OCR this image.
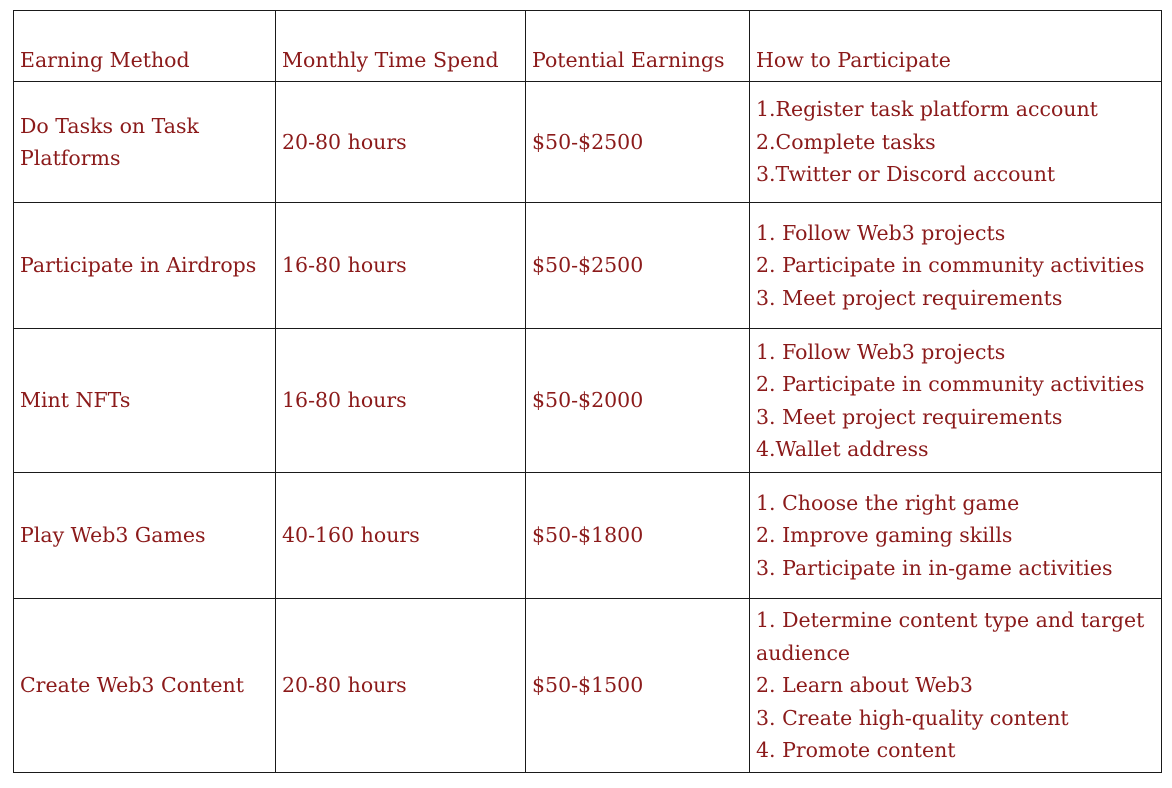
Earning Method	Monthly Time Spend	Potential Earnings	How to Participate
Do Tasks on Task Platforms	20-80 hours	$50-$2500	1.Register task platform account
2.Complete tasks
3.Twitter or Discord account

Participate in Airdrops	16-80 hours	$50-$2500	1. Follow Web3 projects
2. Participate in community activities
3. Meet project requirements

Mint NFTs	16-80 hours	$50-$2000	1. Follow Web3 projects
2. Participate in community activities
3. Meet project requirements
4.Wallet address

Play Web3 Games	40-160 hours	$50-$1800	1. Choose the right game
2. Improve gaming skills
3. Participate in in-game activities

Create Web3 Content	20-80 hours	$50-$1500	1. Determine content type and target audience
2. Learn about Web3
3. Create high-quality content
4. Promote content
